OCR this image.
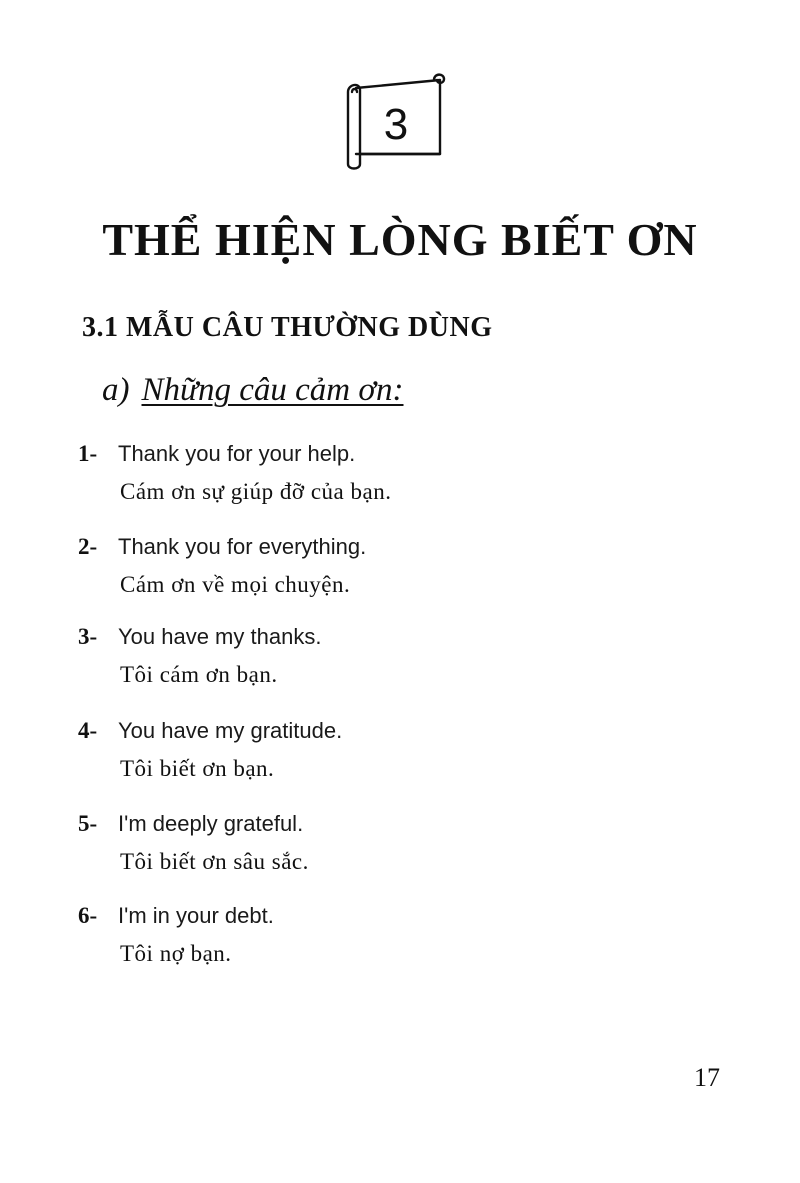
3
THỂ HIỆN LÒNG BIẾT ƠN
3.1 MẪU CÂU THƯỜNG DÙNG
a) Những câu cảm ơn:
1- Thank you for your help.
Cám ơn sự giúp đỡ của bạn.
2- Thank you for everything.
Cám ơn về mọi chuyện.
3- You have my thanks.
Tôi cám ơn bạn.
4- You have my gratitude.
Tôi biết ơn bạn.
5- I'm deeply grateful.
Tôi biết ơn sâu sắc.
6- I'm in your debt.
Tôi nợ bạn.
17
